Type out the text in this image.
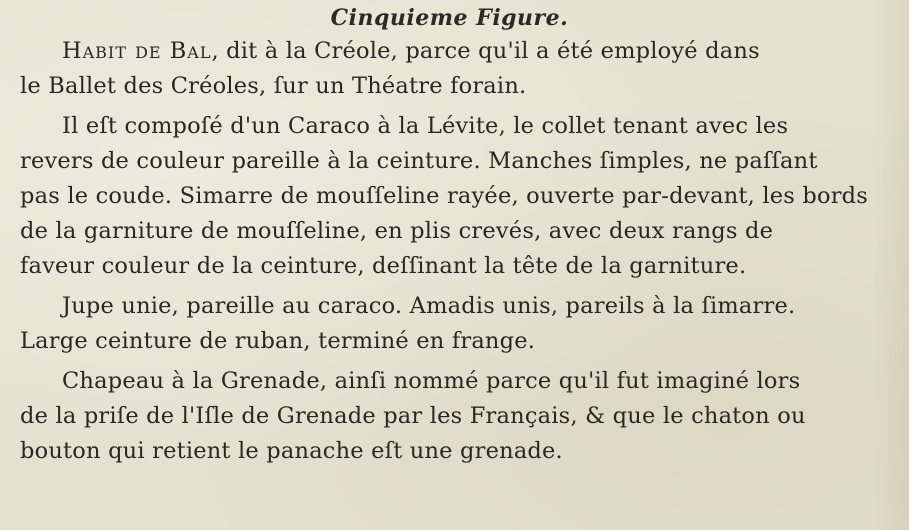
Cinquieme Figure.

Habit de Bal, dit à la Créole, parce qu'il a été employé dans
le Ballet des Créoles, ſur un Théatre forain.

Il eſt compoſé d'un Caraco à la Lévite, le collet tenant avec les
revers de couleur pareille à la ceinture. Manches ſimples, ne paſſant
pas le coude. Simarre de mouſſeline rayée, ouverte par-devant, les bords
de la garniture de mouſſeline, en plis crevés, avec deux rangs de
faveur couleur de la ceinture, deſſinant la tête de la garniture.

Jupe unie, pareille au caraco. Amadis unis, pareils à la ſimarre.
Large ceinture de ruban, terminé en frange.

Chapeau à la Grenade, ainſi nommé parce qu'il fut imaginé lors
de la priſe de l'Iſle de Grenade par les Français, & que le chaton ou
bouton qui retient le panache eſt une grenade.
